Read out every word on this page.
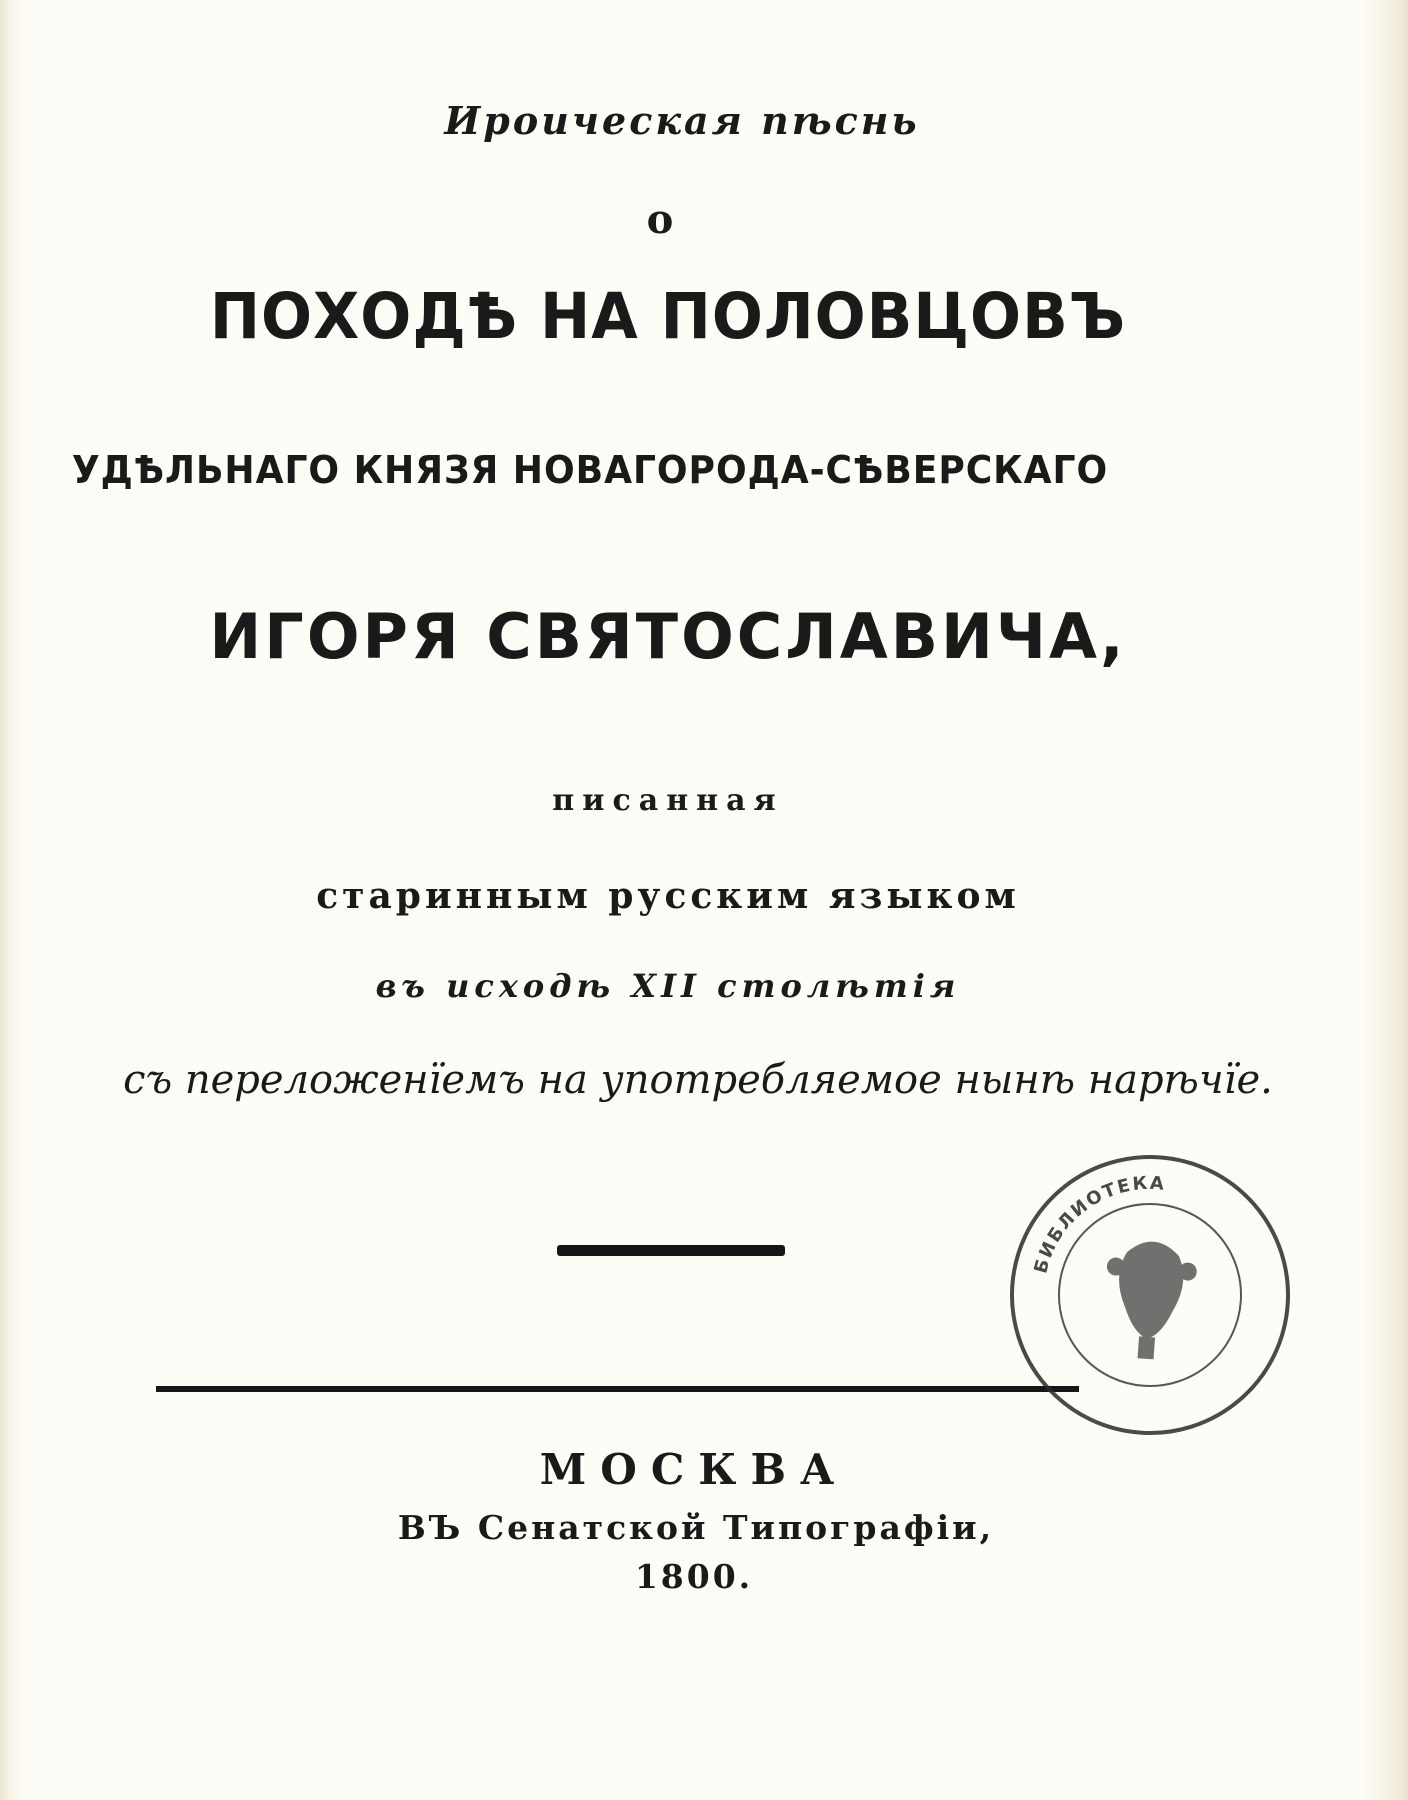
Ироическая пѣснь

о

ПОХОДѢ НА ПОЛОВЦОВЪ

УДѢЛЬНАГО КНЯЗЯ НОВАГОРОДА-СѢВЕРСКАГО

ИГОРЯ СВЯТОСЛАВИЧА,

писанная

старинным русским языком

въ исходѣ XII столѣтія

съ переложенïемъ на употребляемое нынѣ нарѣчïе.

БИБЛИОТЕКА

МОСКВА

ВЪ Сенатской Типографiи,

1800.
